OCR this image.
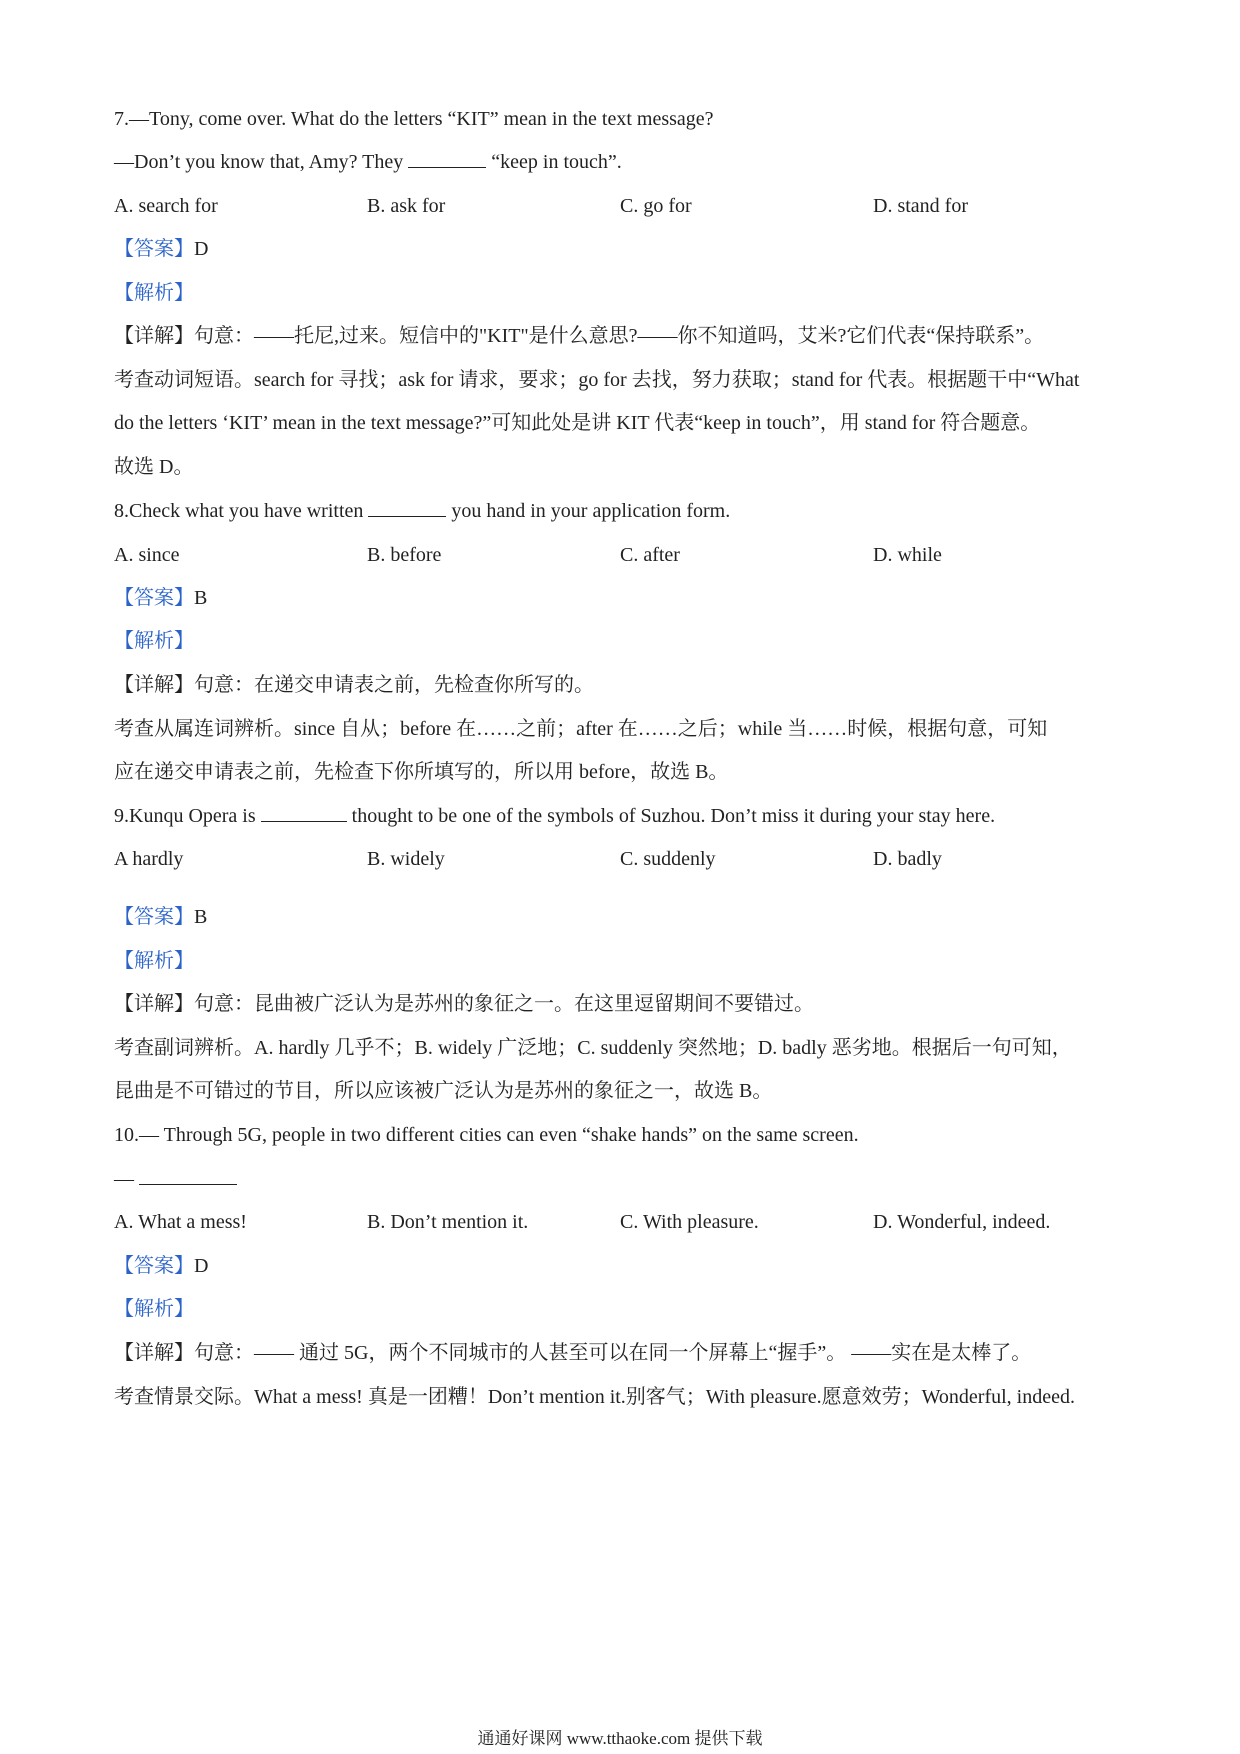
7.—Tony, come over. What do the letters “KIT” mean in the text message?
—Don’t you know that, Amy? They	“keep in touch”.
A. search for	B. ask for	C. go for	D. stand for
【答案】D
【解析】
【详解】句意：——托尼,过来。短信中的"KIT"是什么意思?——你不知道吗，艾米?它们代表“保持联系”。
考查动词短语。search for 寻找；ask for 请求，要求；go for 去找，努力获取；stand for 代表。根据题干中“What
do the letters ‘KIT’ mean in the text message?”可知此处是讲 KIT 代表“keep in touch”，用 stand for 符合题意。
故选 D。
8.Check what you have written	you hand in your application form.
A. since	B. before	C. after	D. while
【答案】B
【解析】
【详解】句意：在递交申请表之前，先检查你所写的。
考查从属连词辨析。since 自从；before 在……之前；after 在……之后；while 当……时候，根据句意，可知
应在递交申请表之前，先检查下你所填写的，所以用 before，故选 B。
9.Kunqu Opera is	thought to be one of the symbols of Suzhou. Don’t miss it during your stay here.
A hardly	B. widely	C. suddenly	D. badly
【答案】B
【解析】
【详解】句意：昆曲被广泛认为是苏州的象征之一。在这里逗留期间不要错过。
考查副词辨析。A. hardly 几乎不；B. widely 广泛地；C. suddenly 突然地；D. badly 恶劣地。根据后一句可知，
昆曲是不可错过的节目，所以应该被广泛认为是苏州的象征之一，故选 B。
10.— Through 5G, people in two different cities can even “shake hands” on the same screen.
—
A. What a mess!	B. Don’t mention it.	C. With pleasure.	D. Wonderful, indeed.
【答案】D
【解析】
【详解】句意：—— 通过 5G，两个不同城市的人甚至可以在同一个屏幕上“握手”。 ——实在是太棒了。
考查情景交际。What a mess! 真是一团糟！Don’t mention it.别客气；With pleasure.愿意效劳；Wonderful, indeed.
通通好课网 www.tthaoke.com 提供下载
